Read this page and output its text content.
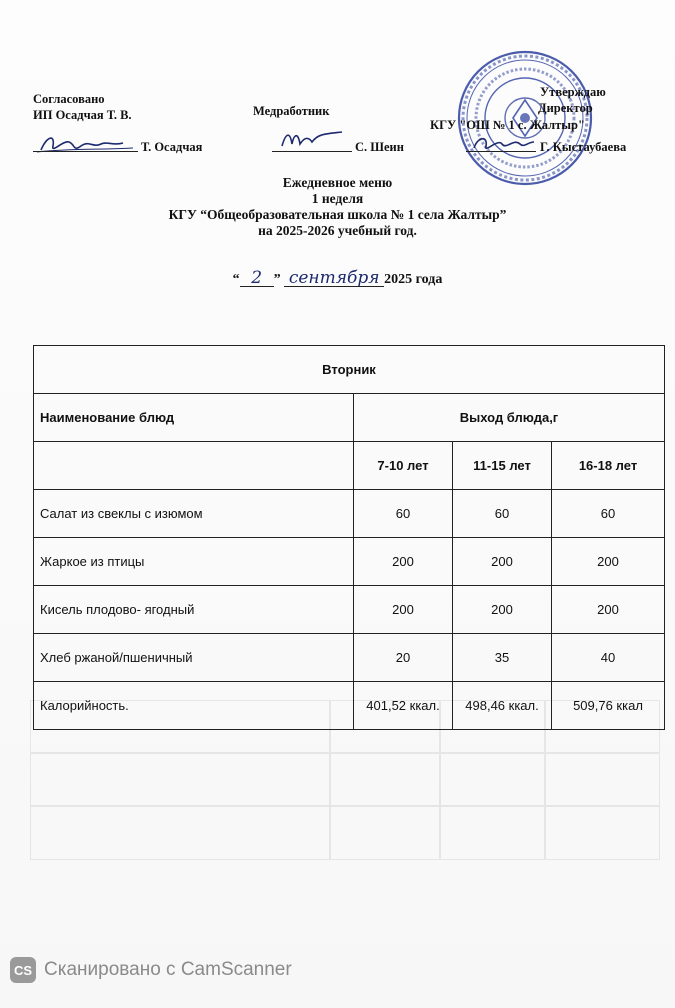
Согласовано
ИП Осадчая Т. В.
Т. Осадчая
Медработник
С. Шеин
Утверждаю
Директор
КГУ "ОШ № 1 с. Жалтыр"
Г. Кыстаубаева
Ежедневное меню
1 неделя
КГУ “Общеобразовательная школа № 1 села Жалтыр”
на 2025-2026 учебный год.
“ 2 ” сентября 2025 года
Вторник			
Наименование блюд	Выход блюда,г		
	7-10 лет	11-15 лет	16-18 лет
Салат из свеклы с изюмом	60	60	60
Жаркое из птицы	200	200	200
Кисель плодово- ягодный	200	200	200
Хлеб ржаной/пшеничный	20	35	40
Калорийность.	401,52 ккал.	498,46 ккал.	509,76 ккал
CS Сканировано с CamScanner
